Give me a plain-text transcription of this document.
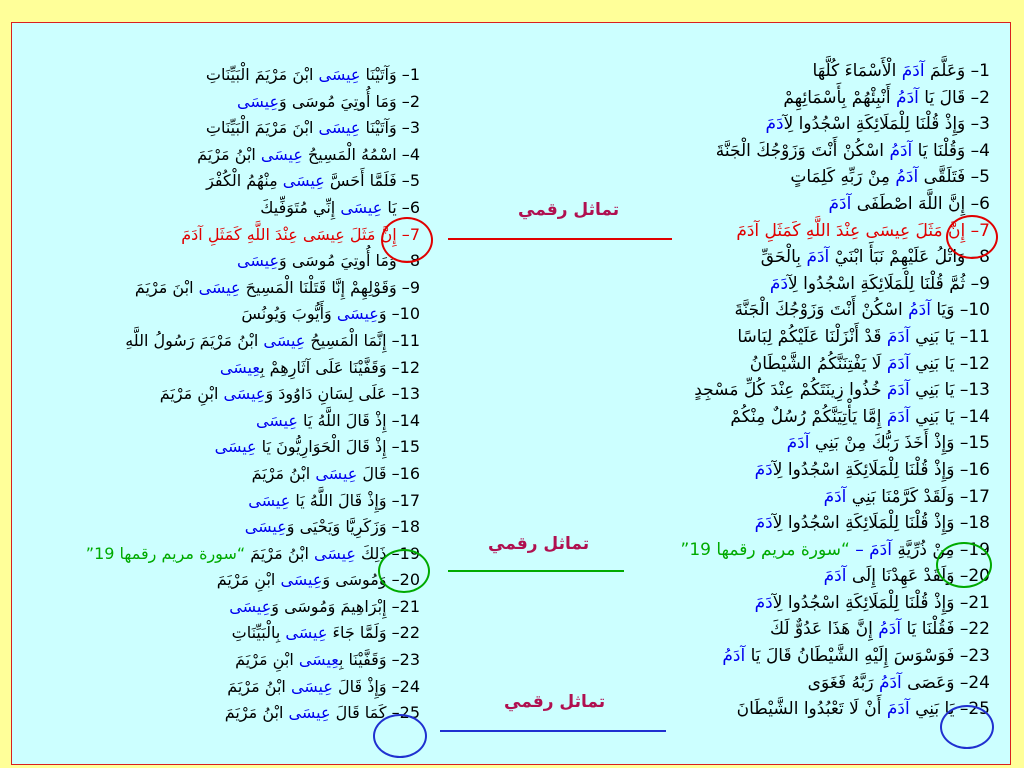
1– وَعَلَّمَ آدَمَ الْأَسْمَاءَ كُلَّهَا
2– قَالَ يَا آدَمُ أَنْبِئْهُمْ بِأَسْمَائِهِمْ
3– وَإِذْ قُلْنَا لِلْمَلَائِكَةِ اسْجُدُوا لِآدَمَ
4– وَقُلْنَا يَا آدَمُ اسْكُنْ أَنْتَ وَزَوْجُكَ الْجَنَّةَ
5– فَتَلَقَّى آدَمُ مِنْ رَبِّهِ كَلِمَاتٍ
6– إِنَّ اللَّهَ اصْطَفَى آدَمَ
7– إِنَّ مَثَلَ عِيسَى عِنْدَ اللَّهِ كَمَثَلِ آدَمَ
8– وَاتْلُ عَلَيْهِمْ نَبَأَ ابْنَيْ آدَمَ بِالْحَقِّ
9– ثُمَّ قُلْنَا لِلْمَلَائِكَةِ اسْجُدُوا لِآدَمَ
10– وَيَا آدَمُ اسْكُنْ أَنْتَ وَزَوْجُكَ الْجَنَّةَ
11– يَا بَنِي آدَمَ قَدْ أَنْزَلْنَا عَلَيْكُمْ لِبَاسًا
12– يَا بَنِي آدَمَ لَا يَفْتِنَنَّكُمُ الشَّيْطَانُ
13– يَا بَنِي آدَمَ خُذُوا زِينَتَكُمْ عِنْدَ كُلِّ مَسْجِدٍ
14– يَا بَنِي آدَمَ إِمَّا يَأْتِيَنَّكُمْ رُسُلٌ مِنْكُمْ
15– وَإِذْ أَخَذَ رَبُّكَ مِنْ بَنِي آدَمَ
16– وَإِذْ قُلْنَا لِلْمَلَائِكَةِ اسْجُدُوا لِآدَمَ
17– وَلَقَدْ كَرَّمْنَا بَنِي آدَمَ
18– وَإِذْ قُلْنَا لِلْمَلَائِكَةِ اسْجُدُوا لِآدَمَ
19– مِنْ ذُرِّيَّةِ آدَمَ – “سورة مريم رقمها 19”
20– وَلَقَدْ عَهِدْنَا إِلَى آدَمَ
21– وَإِذْ قُلْنَا لِلْمَلَائِكَةِ اسْجُدُوا لِآدَمَ
22– فَقُلْنَا يَا آدَمُ إِنَّ هَذَا عَدُوٌّ لَكَ
23– فَوَسْوَسَ إِلَيْهِ الشَّيْطَانُ قَالَ يَا آدَمُ
24– وَعَصَى آدَمُ رَبَّهُ فَغَوَى
25– يَا بَنِي آدَمَ أَنْ لَا تَعْبُدُوا الشَّيْطَانَ
1– وَآتَيْنَا عِيسَى ابْنَ مَرْيَمَ الْبَيِّنَاتِ
2– وَمَا أُوتِيَ مُوسَى وَعِيسَى
3– وَآتَيْنَا عِيسَى ابْنَ مَرْيَمَ الْبَيِّنَاتِ
4– اسْمُهُ الْمَسِيحُ عِيسَى ابْنُ مَرْيَمَ
5– فَلَمَّا أَحَسَّ عِيسَى مِنْهُمُ الْكُفْرَ
6– يَا عِيسَى إِنِّي مُتَوَفِّيكَ
7– إِنَّ مَثَلَ عِيسَى عِنْدَ اللَّهِ كَمَثَلِ آدَمَ
8– وَمَا أُوتِيَ مُوسَى وَعِيسَى
9– وَقَوْلِهِمْ إِنَّا قَتَلْنَا الْمَسِيحَ عِيسَى ابْنَ مَرْيَمَ
10– وَعِيسَى وَأَيُّوبَ وَيُونُسَ
11– إِنَّمَا الْمَسِيحُ عِيسَى ابْنُ مَرْيَمَ رَسُولُ اللَّهِ
12– وَقَفَّيْنَا عَلَى آثَارِهِمْ بِعِيسَى
13– عَلَى لِسَانِ دَاوُودَ وَعِيسَى ابْنِ مَرْيَمَ
14– إِذْ قَالَ اللَّهُ يَا عِيسَى
15– إِذْ قَالَ الْحَوَارِيُّونَ يَا عِيسَى
16– قَالَ عِيسَى ابْنُ مَرْيَمَ
17– وَإِذْ قَالَ اللَّهُ يَا عِيسَى
18– وَزَكَرِيَّا وَيَحْيَى وَعِيسَى
19– ذَلِكَ عِيسَى ابْنُ مَرْيَمَ “سورة مريم رقمها 19”
20– وَمُوسَى وَعِيسَى ابْنِ مَرْيَمَ
21– إِبْرَاهِيمَ وَمُوسَى وَعِيسَى
22– وَلَمَّا جَاءَ عِيسَى بِالْبَيِّنَاتِ
23– وَقَفَّيْنَا بِعِيسَى ابْنِ مَرْيَمَ
24– وَإِذْ قَالَ عِيسَى ابْنُ مَرْيَمَ
25– كَمَا قَالَ عِيسَى ابْنُ مَرْيَمَ
تماثل رقمي
تماثل رقمي
تماثل رقمي
